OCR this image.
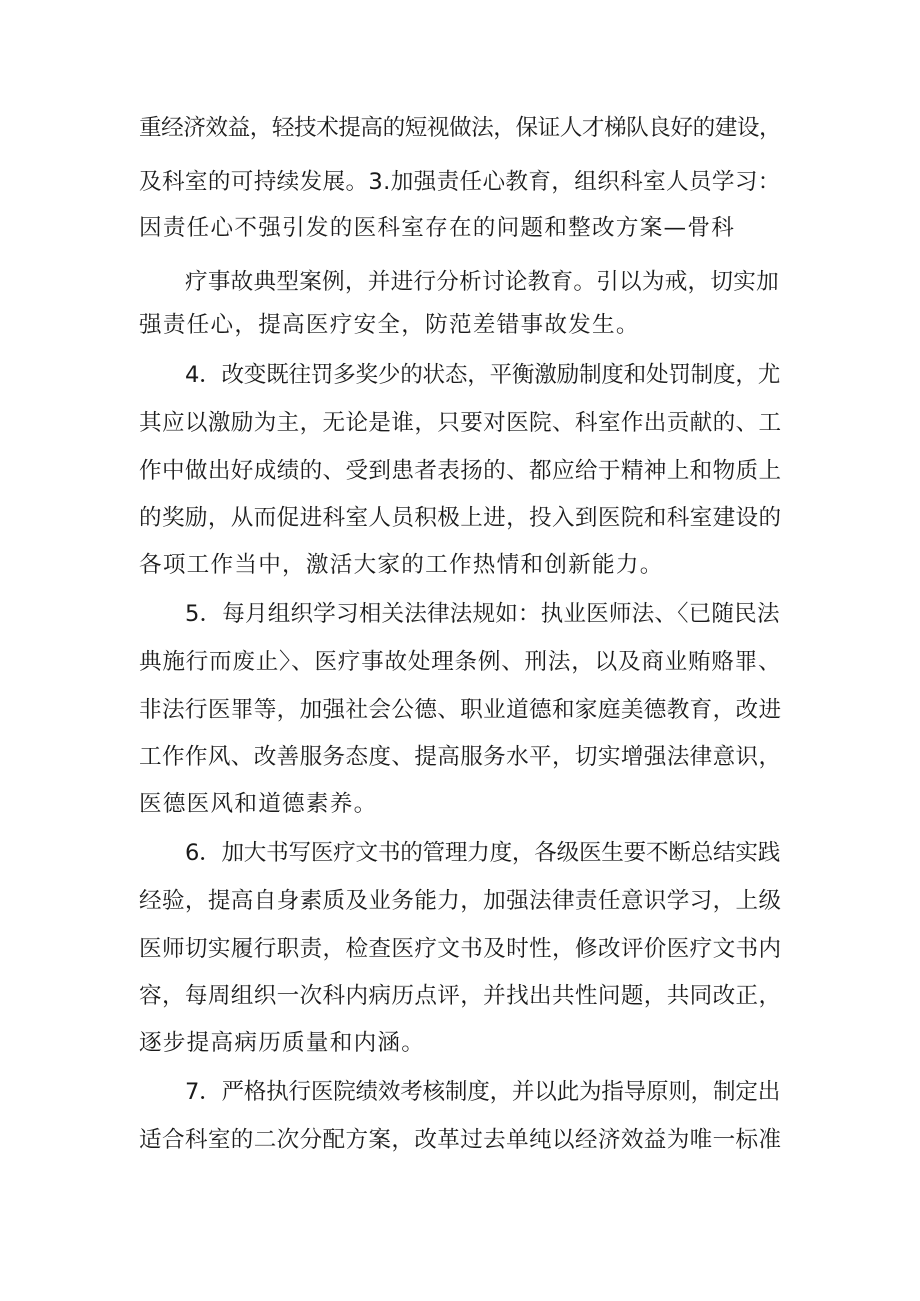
重经济效益，轻技术提高的短视做法，保证人才梯队良好的建设，
及科室的可持续发展。3.加强责任心教育，组织科室人员学习：
因责任心不强引发的医科室存在的问题和整改方案—骨科
疗事故典型案例，并进行分析讨论教育。引以为戒，切实加
强责任心，提高医疗安全，防范差错事故发生。
4．改变既往罚多奖少的状态，平衡激励制度和处罚制度，尤
其应以激励为主，无论是谁，只要对医院、科室作出贡献的、工
作中做出好成绩的、受到患者表扬的、都应给于精神上和物质上
的奖励，从而促进科室人员积极上进，投入到医院和科室建设的
各项工作当中，激活大家的工作热情和创新能力。
5．每月组织学习相关法律法规如：执业医师法、〈已随民法
典施行而废止〉、医疗事故处理条例、刑法，以及商业贿赂罪、
非法行医罪等，加强社会公德、职业道德和家庭美德教育，改进
工作作风、改善服务态度、提高服务水平，切实增强法律意识，
医德医风和道德素养。
6．加大书写医疗文书的管理力度，各级医生要不断总结实践
经验，提高自身素质及业务能力，加强法律责任意识学习，上级
医师切实履行职责，检查医疗文书及时性，修改评价医疗文书内
容，每周组织一次科内病历点评，并找出共性问题，共同改正，
逐步提高病历质量和内涵。
7．严格执行医院绩效考核制度，并以此为指导原则，制定出
适合科室的二次分配方案，改革过去单纯以经济效益为唯一标准
